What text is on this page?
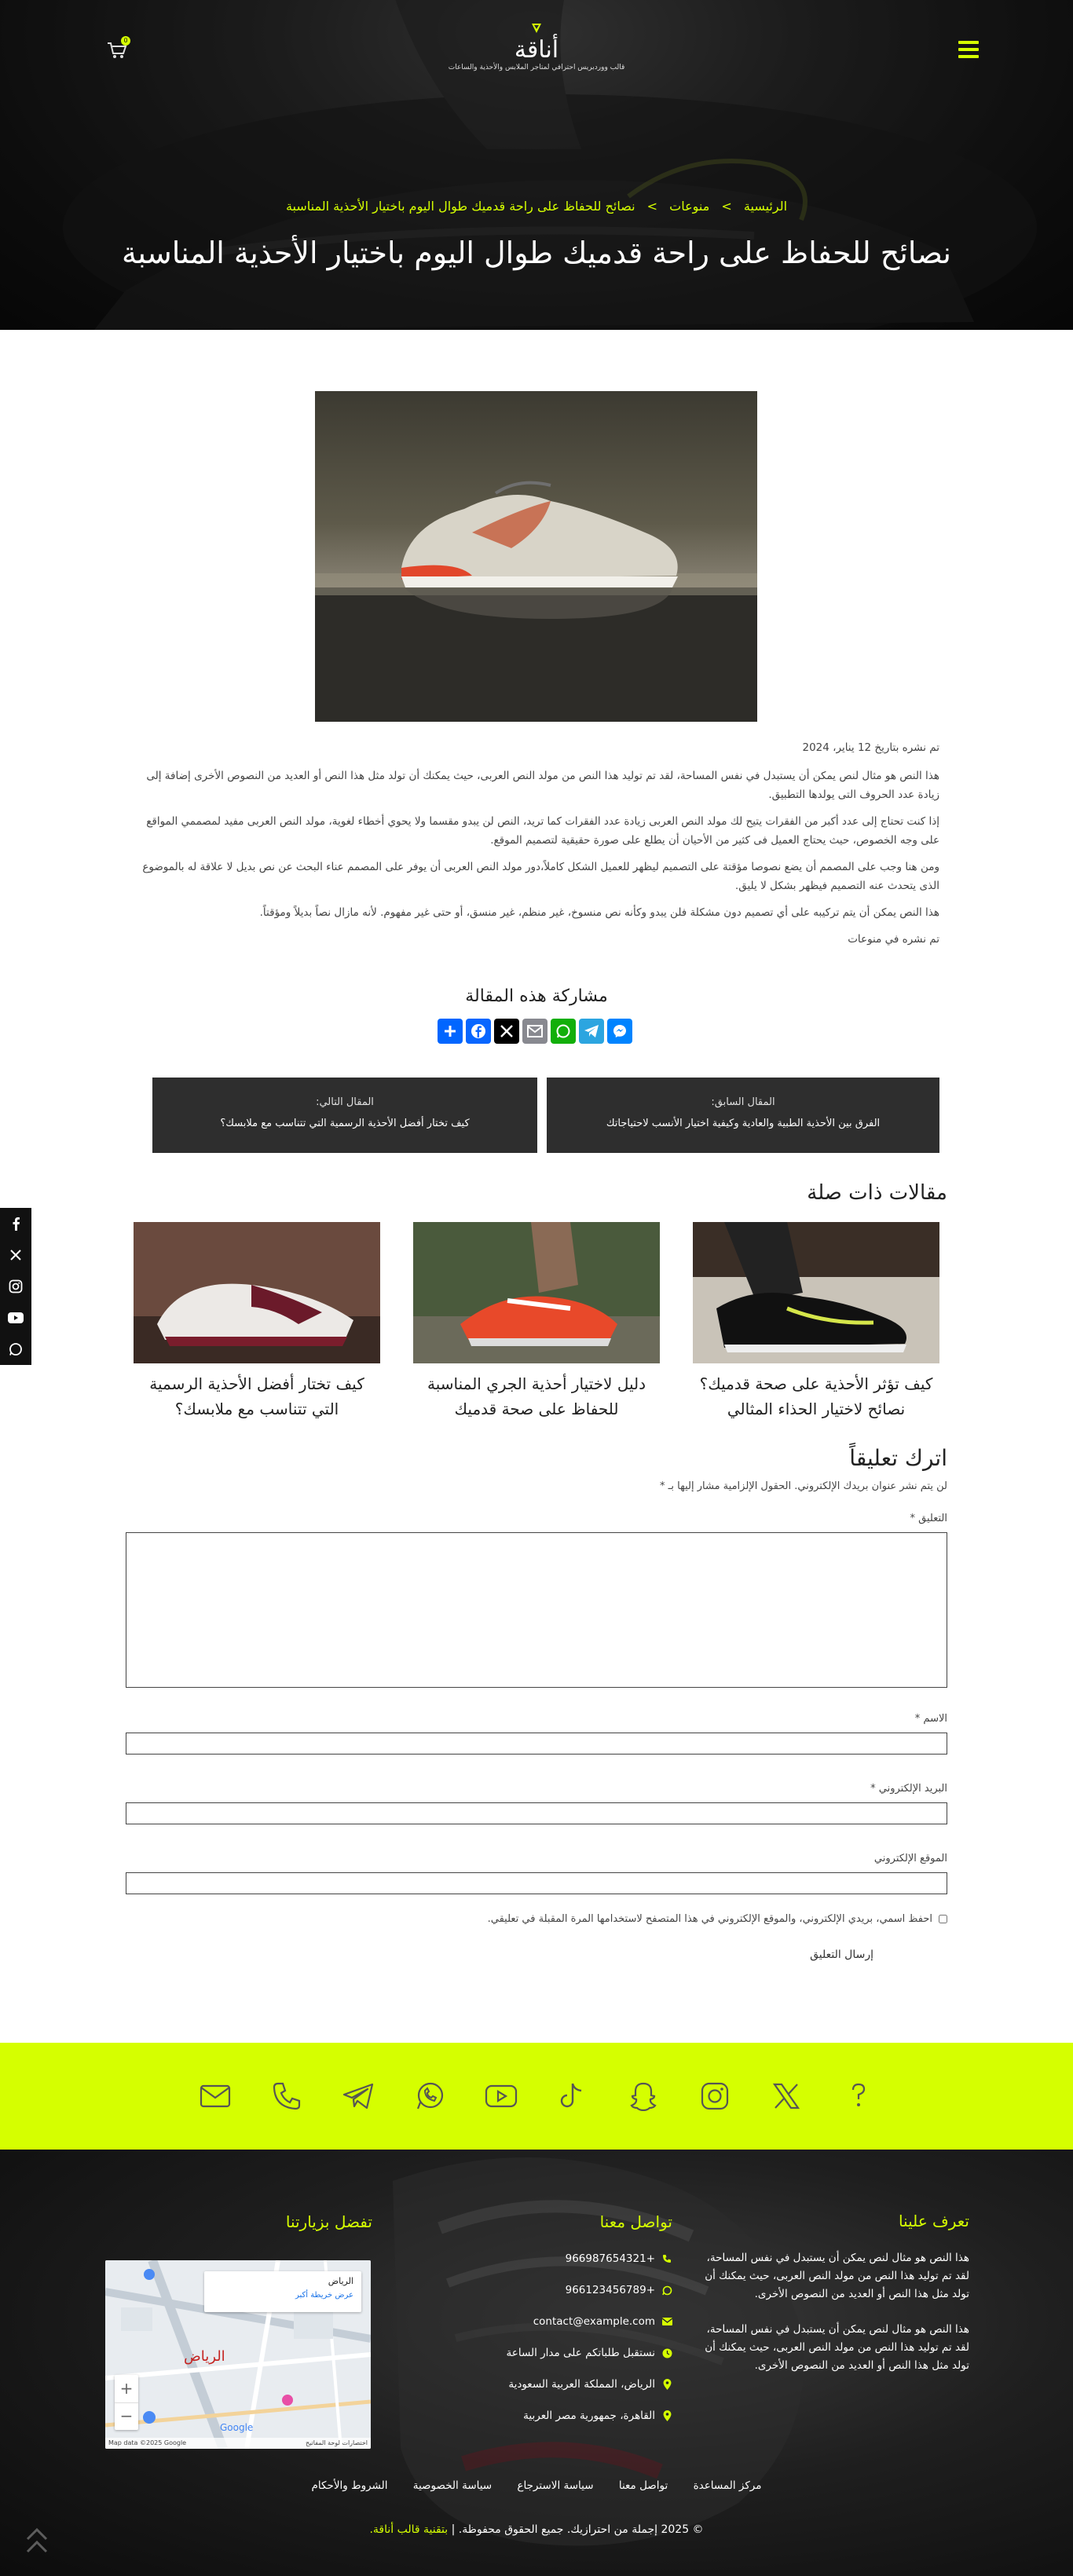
أناقة
قالب ووردبريس احترافي لمتاجر الملابس والأحذية والساعات
0
الرئيسية > منوعات > نصائح للحفاظ على راحة قدميك طوال اليوم باختيار الأحذية المناسبة
نصائح للحفاظ على راحة قدميك طوال اليوم باختيار الأحذية المناسبة

تم نشره بتاريخ 12 يناير، 2024

هذا النص هو مثال لنص يمكن أن يستبدل في نفس المساحة، لقد تم توليد هذا النص من مولد النص العربى، حيث يمكنك أن تولد مثل هذا النص أو العديد من النصوص الأخرى إضافة إلى زيادة عدد الحروف التى يولدها التطبيق.

إذا كنت تحتاج إلى عدد أكبر من الفقرات يتيح لك مولد النص العربى زيادة عدد الفقرات كما تريد، النص لن يبدو مقسما ولا يحوي أخطاء لغوية، مولد النص العربى مفيد لمصممي المواقع على وجه الخصوص، حيث يحتاج العميل فى كثير من الأحيان أن يطلع على صورة حقيقية لتصميم الموقع.

ومن هنا وجب على المصمم أن يضع نصوصا مؤقتة على التصميم ليظهر للعميل الشكل كاملاً،دور مولد النص العربى أن يوفر على المصمم عناء البحث عن نص بديل لا علاقة له بالموضوع الذى يتحدث عنه التصميم فيظهر بشكل لا يليق.

هذا النص يمكن أن يتم تركيبه على أي تصميم دون مشكلة فلن يبدو وكأنه نص منسوخ، غير منظم، غير منسق، أو حتى غير مفهوم. لأنه مازال نصاً بديلاً ومؤقتاً.

تم نشره في منوعات

مشاركة هذه المقالة
المقال السابق:
الفرق بين الأحذية الطبية والعادية وكيفية اختيار الأنسب لاحتياجاتك
المقال التالي:
كيف تختار أفضل الأحذية الرسمية التي تتناسب مع ملابسك؟
مقالات ذات صلة
كيف تؤثر الأحذية على صحة قدميك؟ نصائح لاختيار الحذاء المثالي
دليل لاختيار أحذية الجري المناسبة للحفاظ على صحة قدميك
كيف تختار أفضل الأحذية الرسمية التي تتناسب مع ملابسك؟
اترك تعليقاً
لن يتم نشر عنوان بريدك الإلكتروني. الحقول الإلزامية مشار إليها بـ *
التعليق *
الاسم *
البريد الإلكتروني *
الموقع الإلكتروني
احفظ اسمي، بريدي الإلكتروني، والموقع الإلكتروني في هذا المتصفح لاستخدامها المرة المقبلة في تعليقي.
إرسال التعليق
تعرف علينا

هذا النص هو مثال لنص يمكن أن يستبدل في نفس المساحة، لقد تم توليد هذا النص من مولد النص العربى، حيث يمكنك أن تولد مثل هذا النص أو العديد من النصوص الأخرى.

هذا النص هو مثال لنص يمكن أن يستبدل في نفس المساحة، لقد تم توليد هذا النص من مولد النص العربى، حيث يمكنك أن تولد مثل هذا النص أو العديد من النصوص الأخرى.

تواصل معنا
+966987654321
+966123456789
contact@example.com
نستقبل طلباتكم على مدار الساعة
الرياض، المملكة العربية السعودية
القاهرة، جمهورية مصر العربية
تفضل بزيارتنا
الرياض
عرض خريطة أكبر
الرياض
+
−
Google
Map data ©2025 Google	اختصارات لوحة المفاتيح
مركز المساعدة تواصل معنا سياسة الاسترجاع سياسة الخصوصية الشروط والأحكام
© 2025 إجملة من احترازيك. جميع الحقوق محفوظة. | بتقنية قالب أناقة.
